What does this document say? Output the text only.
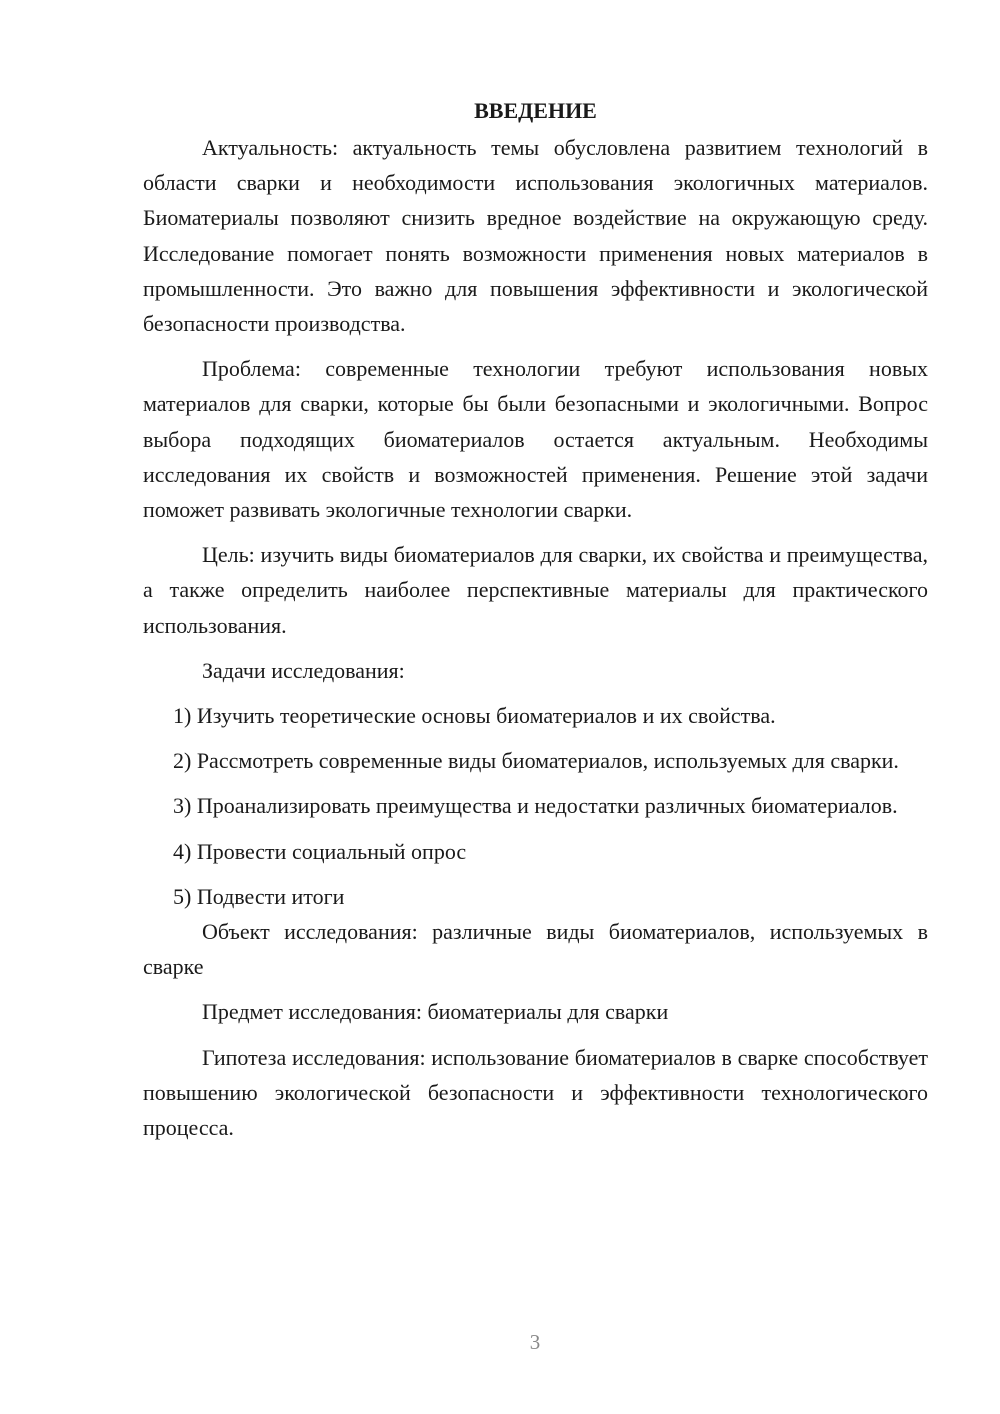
ВВЕДЕНИЕ

Актуальность: актуальность темы обусловлена развитием технологий в области сварки и необходимости использования экологичных материалов. Биоматериалы позволяют снизить вредное воздействие на окружающую среду. Исследование помогает понять возможности применения новых материалов в промышленности. Это важно для повышения эффективности и экологической безопасности производства.

Проблема: современные технологии требуют использования новых материалов для сварки, которые бы были безопасными и экологичными. Вопрос выбора подходящих биоматериалов остается актуальным. Необходимы исследования их свойств и возможностей применения. Решение этой задачи поможет развивать экологичные технологии сварки.

Цель: изучить виды биоматериалов для сварки, их свойства и преимущества, а также определить наиболее перспективные материалы для практического использования.

Задачи исследования:

1) Изучить теоретические основы биоматериалов и их свойства.

2) Рассмотреть современные виды биоматериалов, используемых для сварки.

3) Проанализировать преимущества и недостатки различных биоматериалов.

4) Провести социальный опрос

5) Подвести итоги

Объект исследования: различные виды биоматериалов, используемых в сварке

Предмет исследования: биоматериалы для сварки

Гипотеза исследования: использование биоматериалов в сварке способствует повышению экологической безопасности и эффективности технологического процесса.

3
